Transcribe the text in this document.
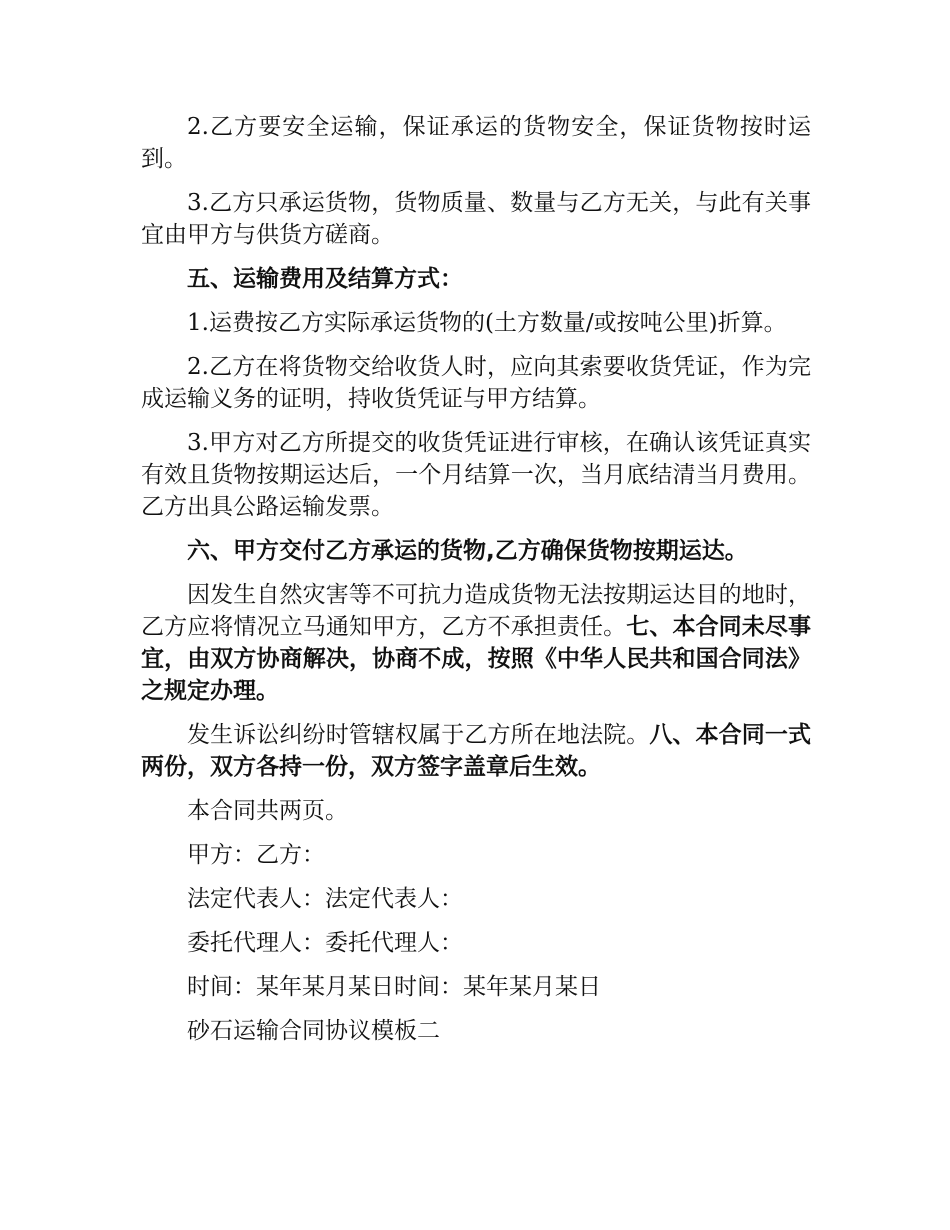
2.乙方要安全运输，保证承运的货物安全，保证货物按时运到。

3.乙方只承运货物，货物质量、数量与乙方无关，与此有关事宜由甲方与供货方磋商。

五、运输费用及结算方式：

1.运费按乙方实际承运货物的(土方数量/或按吨公里)折算。

2.乙方在将货物交给收货人时，应向其索要收货凭证，作为完成运输义务的证明，持收货凭证与甲方结算。

3.甲方对乙方所提交的收货凭证进行审核，在确认该凭证真实有效且货物按期运达后，一个月结算一次，当月底结清当月费用。乙方出具公路运输发票。

六、甲方交付乙方承运的货物,乙方确保货物按期运达。

因发生自然灾害等不可抗力造成货物无法按期运达目的地时，乙方应将情况立马通知甲方，乙方不承担责任。七、本合同未尽事宜，由双方协商解决，协商不成，按照《中华人民共和国合同法》之规定办理。

发生诉讼纠纷时管辖权属于乙方所在地法院。八、本合同一式两份，双方各持一份，双方签字盖章后生效。

本合同共两页。

甲方：乙方：

法定代表人：法定代表人：

委托代理人：委托代理人：

时间：某年某月某日时间：某年某月某日

砂石运输合同协议模板二
